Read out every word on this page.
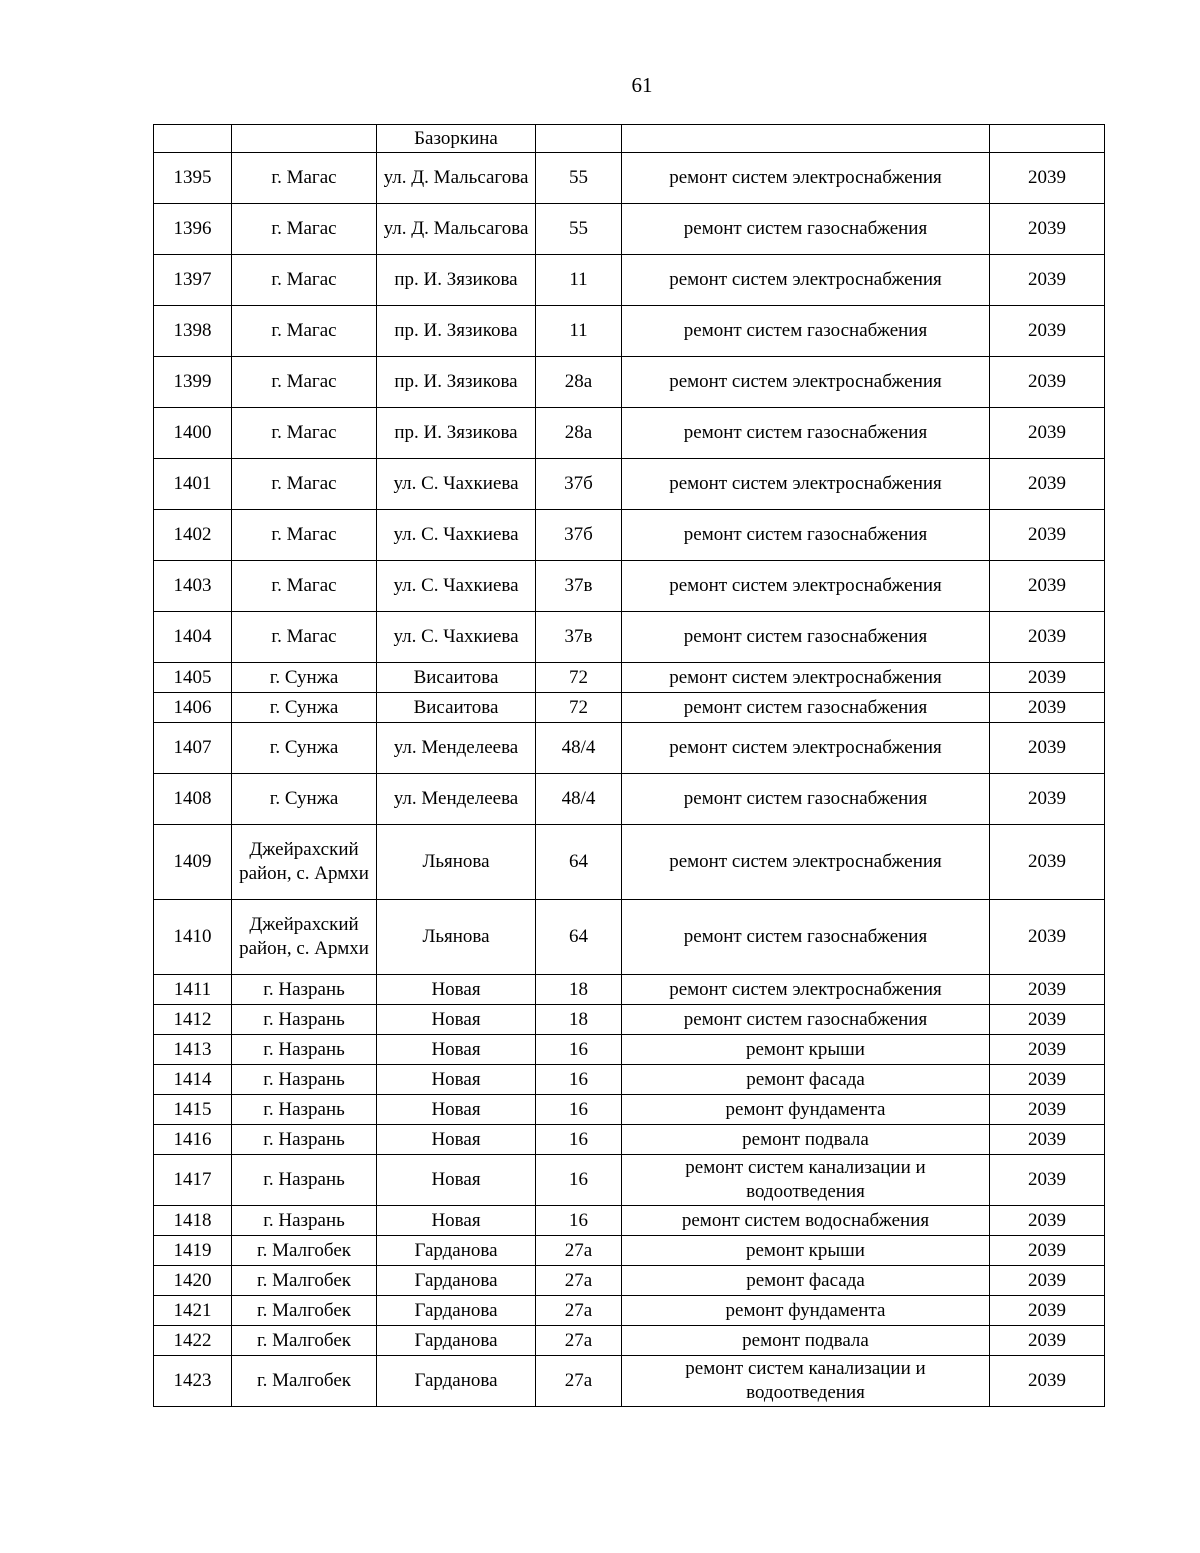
61
		Базоркина			
1395	г. Магас	ул. Д. Мальсагова	55	ремонт систем электроснабжения	2039
1396	г. Магас	ул. Д. Мальсагова	55	ремонт систем газоснабжения	2039
1397	г. Магас	пр. И. Зязикова	11	ремонт систем электроснабжения	2039
1398	г. Магас	пр. И. Зязикова	11	ремонт систем газоснабжения	2039
1399	г. Магас	пр. И. Зязикова	28а	ремонт систем электроснабжения	2039
1400	г. Магас	пр. И. Зязикова	28а	ремонт систем газоснабжения	2039
1401	г. Магас	ул. С. Чахкиева	37б	ремонт систем электроснабжения	2039
1402	г. Магас	ул. С. Чахкиева	37б	ремонт систем газоснабжения	2039
1403	г. Магас	ул. С. Чахкиева	37в	ремонт систем электроснабжения	2039
1404	г. Магас	ул. С. Чахкиева	37в	ремонт систем газоснабжения	2039
1405	г. Сунжа	Висаитова	72	ремонт систем электроснабжения	2039
1406	г. Сунжа	Висаитова	72	ремонт систем газоснабжения	2039
1407	г. Сунжа	ул. Менделеева	48/4	ремонт систем электроснабжения	2039
1408	г. Сунжа	ул. Менделеева	48/4	ремонт систем газоснабжения	2039
1409	Джейрахский район, с. Армхи	Льянова	64	ремонт систем электроснабжения	2039
1410	Джейрахский район, с. Армхи	Льянова	64	ремонт систем газоснабжения	2039
1411	г. Назрань	Новая	18	ремонт систем электроснабжения	2039
1412	г. Назрань	Новая	18	ремонт систем газоснабжения	2039
1413	г. Назрань	Новая	16	ремонт крыши	2039
1414	г. Назрань	Новая	16	ремонт фасада	2039
1415	г. Назрань	Новая	16	ремонт фундамента	2039
1416	г. Назрань	Новая	16	ремонт подвала	2039
1417	г. Назрань	Новая	16	ремонт систем канализации и водоотведения	2039
1418	г. Назрань	Новая	16	ремонт систем водоснабжения	2039
1419	г. Малгобек	Гарданова	27а	ремонт крыши	2039
1420	г. Малгобек	Гарданова	27а	ремонт фасада	2039
1421	г. Малгобек	Гарданова	27а	ремонт фундамента	2039
1422	г. Малгобек	Гарданова	27а	ремонт подвала	2039
1423	г. Малгобек	Гарданова	27а	ремонт систем канализации и водоотведения	2039
